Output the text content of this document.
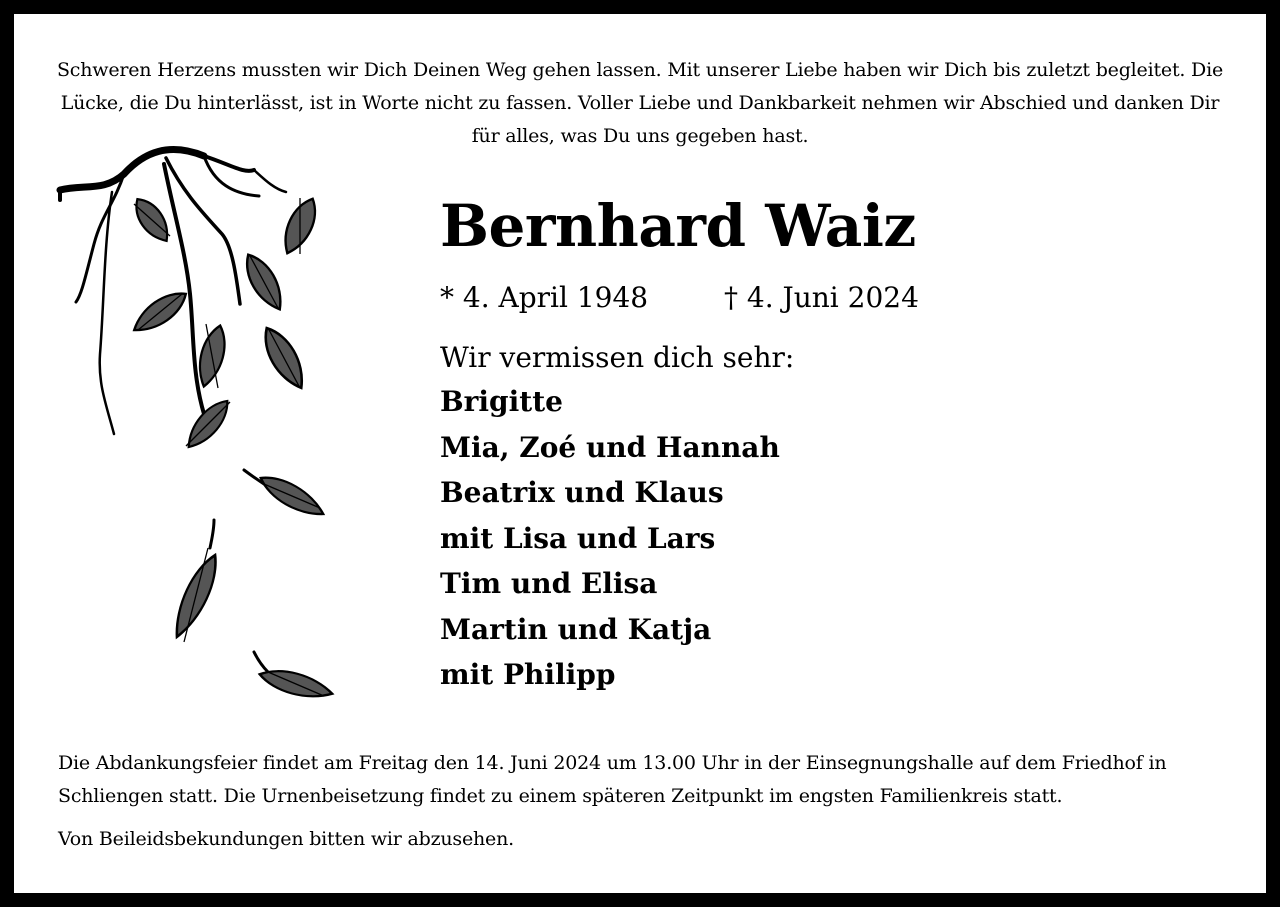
Schweren Herzens mussten wir Dich Deinen Weg gehen lassen. Mit unserer Liebe haben wir Dich bis zuletzt begleitet. Die Lücke, die Du hinterlässt, ist in Worte nicht zu fassen. Voller Liebe und Dankbarkeit nehmen wir Abschied und danken Dir für alles, was Du uns gegeben hast.
Bernhard Waiz
* 4. April 1948	† 4. Juni 2024
Wir vermissen dich sehr:
Brigitte
Mia, Zoé und Hannah
Beatrix und Klaus
mit Lisa und Lars
Tim und Elisa
Martin und Katja
mit Philipp
Die Abdankungsfeier findet am Freitag den 14. Juni 2024 um 13.00 Uhr in der Einsegnungshalle auf dem Friedhof in Schliengen statt. Die Urnenbeisetzung findet zu einem späteren Zeitpunkt im engsten Familienkreis statt.
Von Beileidsbekundungen bitten wir abzusehen.
